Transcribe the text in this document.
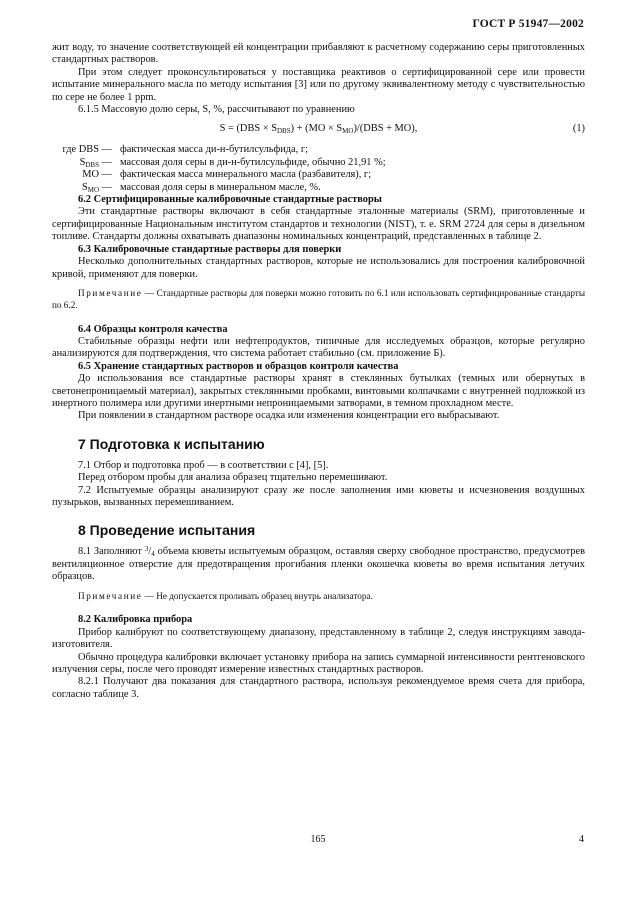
ГОСТ Р 51947—2002

жит воду, то значение соответствующей ей концентрации прибавляют к расчетному содержанию серы приготовленных стандартных растворов.

При этом следует проконсультироваться у поставщика реактивов о сертифицированной сере или провести испытание минерального масла по методу испытания [3] или по другому эквивалентному методу с чувствительностью по сере не более 1 ppm.

6.1.5 Массовую долю серы, S, %, рассчитывают по уравнению

$S = (DBS \times S_{DBS}) + (MO \times S_{MO})/(DBS + MO)$,	(1)
где DBS — фактическая масса ди-н-бутилсульфида, г;
$S_{DBS}$ — массовая доля серы в ди-н-бутилсульфиде, обычно 21,91 %;
MO — фактическая масса минерального масла (разбавителя), г;
$S_{MO}$ — массовая доля серы в минеральном масле, %.

6.2 Сертифицированные калибровочные стандартные растворы

Эти стандартные растворы включают в себя стандартные эталонные материалы (SRM), приготовленные и сертифицированные Национальным институтом стандартов и технологии (NIST), т. е. SRM 2724 для серы в дизельном топливе. Стандарты должны охватывать диапазоны номинальных концентраций, представленных в таблице 2.

6.3 Калибровочные стандартные растворы для поверки

Несколько дополнительных стандартных растворов, которые не использовались для построения калибровочной кривой, применяют для поверки.

Примечание — Стандартные растворы для поверки можно готовить по 6.1 или использовать сертифицированные стандарты по 6.2.

6.4 Образцы контроля качества

Стабильные образцы нефти или нефтепродуктов, типичные для исследуемых образцов, которые регулярно анализируются для подтверждения, что система работает стабильно (см. приложение Б).

6.5 Хранение стандартных растворов и образцов контроля качества

До использования все стандартные растворы хранят в стеклянных бутылках (темных или обернутых в светонепроницаемый материал), закрытых стеклянными пробками, винтовыми колпачками с внутренней подложкой из инертного полимера или другими инертными непроницаемыми затворами, в темном прохладном месте.

При появлении в стандартном растворе осадка или изменения концентрации его выбрасывают.

7 Подготовка к испытанию

7.1 Отбор и подготовка проб — в соответствии с [4], [5].

Перед отбором пробы для анализа образец тщательно перемешивают.

7.2 Испытуемые образцы анализируют сразу же после заполнения ими кюветы и исчезновения воздушных пузырьков, вызванных перемешиванием.

8 Проведение испытания

8.1 Заполняют $^3/_4$ объема кюветы испытуемым образцом, оставляя сверху свободное пространство, предусмотрев вентиляционное отверстие для предотвращения прогибания пленки окошечка кюветы во время испытания летучих образцов.

Примечание — Не допускается проливать образец внутрь анализатора.

8.2 Калибровка прибора

Прибор калибруют по соответствующему диапазону, представленному в таблице 2, следуя инструкциям завода-изготовителя.

Обычно процедура калибровки включает установку прибора на запись суммарной интенсивности рентгеновского излучения серы, после чего проводят измерение известных стандартных растворов.

8.2.1 Получают два показания для стандартного раствора, используя рекомендуемое время счета для прибора, согласно таблице 3.

165	4
